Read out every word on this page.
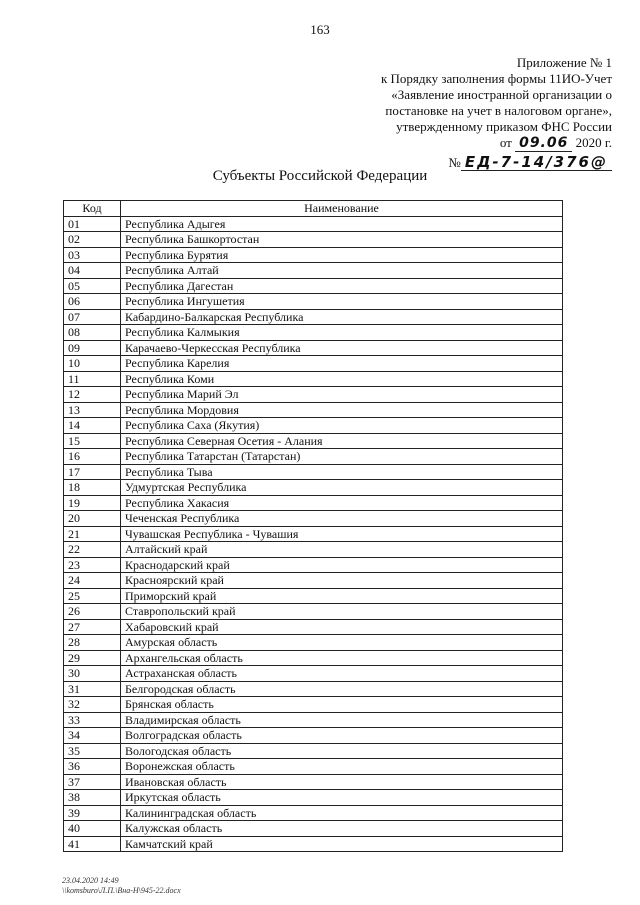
163
Приложение № 1
к Порядку заполнения формы 11ИО-Учет
«Заявление иностранной организации о
постановке на учет в налоговом органе»,
утвержденному приказом ФНС России
от 09.06 2020 г.
№ ЕД-7-14/376@
Субъекты Российской Федерации
Код	Наименование
01	Республика Адыгея
02	Республика Башкортостан
03	Республика Бурятия
04	Республика Алтай
05	Республика Дагестан
06	Республика Ингушетия
07	Кабардино-Балкарская Республика
08	Республика Калмыкия
09	Карачаево-Черкесская Республика
10	Республика Карелия
11	Республика Коми
12	Республика Марий Эл
13	Республика Мордовия
14	Республика Саха (Якутия)
15	Республика Северная Осетия - Алания
16	Республика Татарстан (Татарстан)
17	Республика Тыва
18	Удмуртская Республика
19	Республика Хакасия
20	Чеченская Республика
21	Чувашская Республика - Чувашия
22	Алтайский край
23	Краснодарский край
24	Красноярский край
25	Приморский край
26	Ставропольский край
27	Хабаровский край
28	Амурская область
29	Архангельская область
30	Астраханская область
31	Белгородская область
32	Брянская область
33	Владимирская область
34	Волгоградская область
35	Вологодская область
36	Воронежская область
37	Ивановская область
38	Иркутская область
39	Калининградская область
40	Калужская область
41	Камчатский край
23.04.2020 14:49
\\komsburo\Л.П.\Вна-Н\945-22.docx
